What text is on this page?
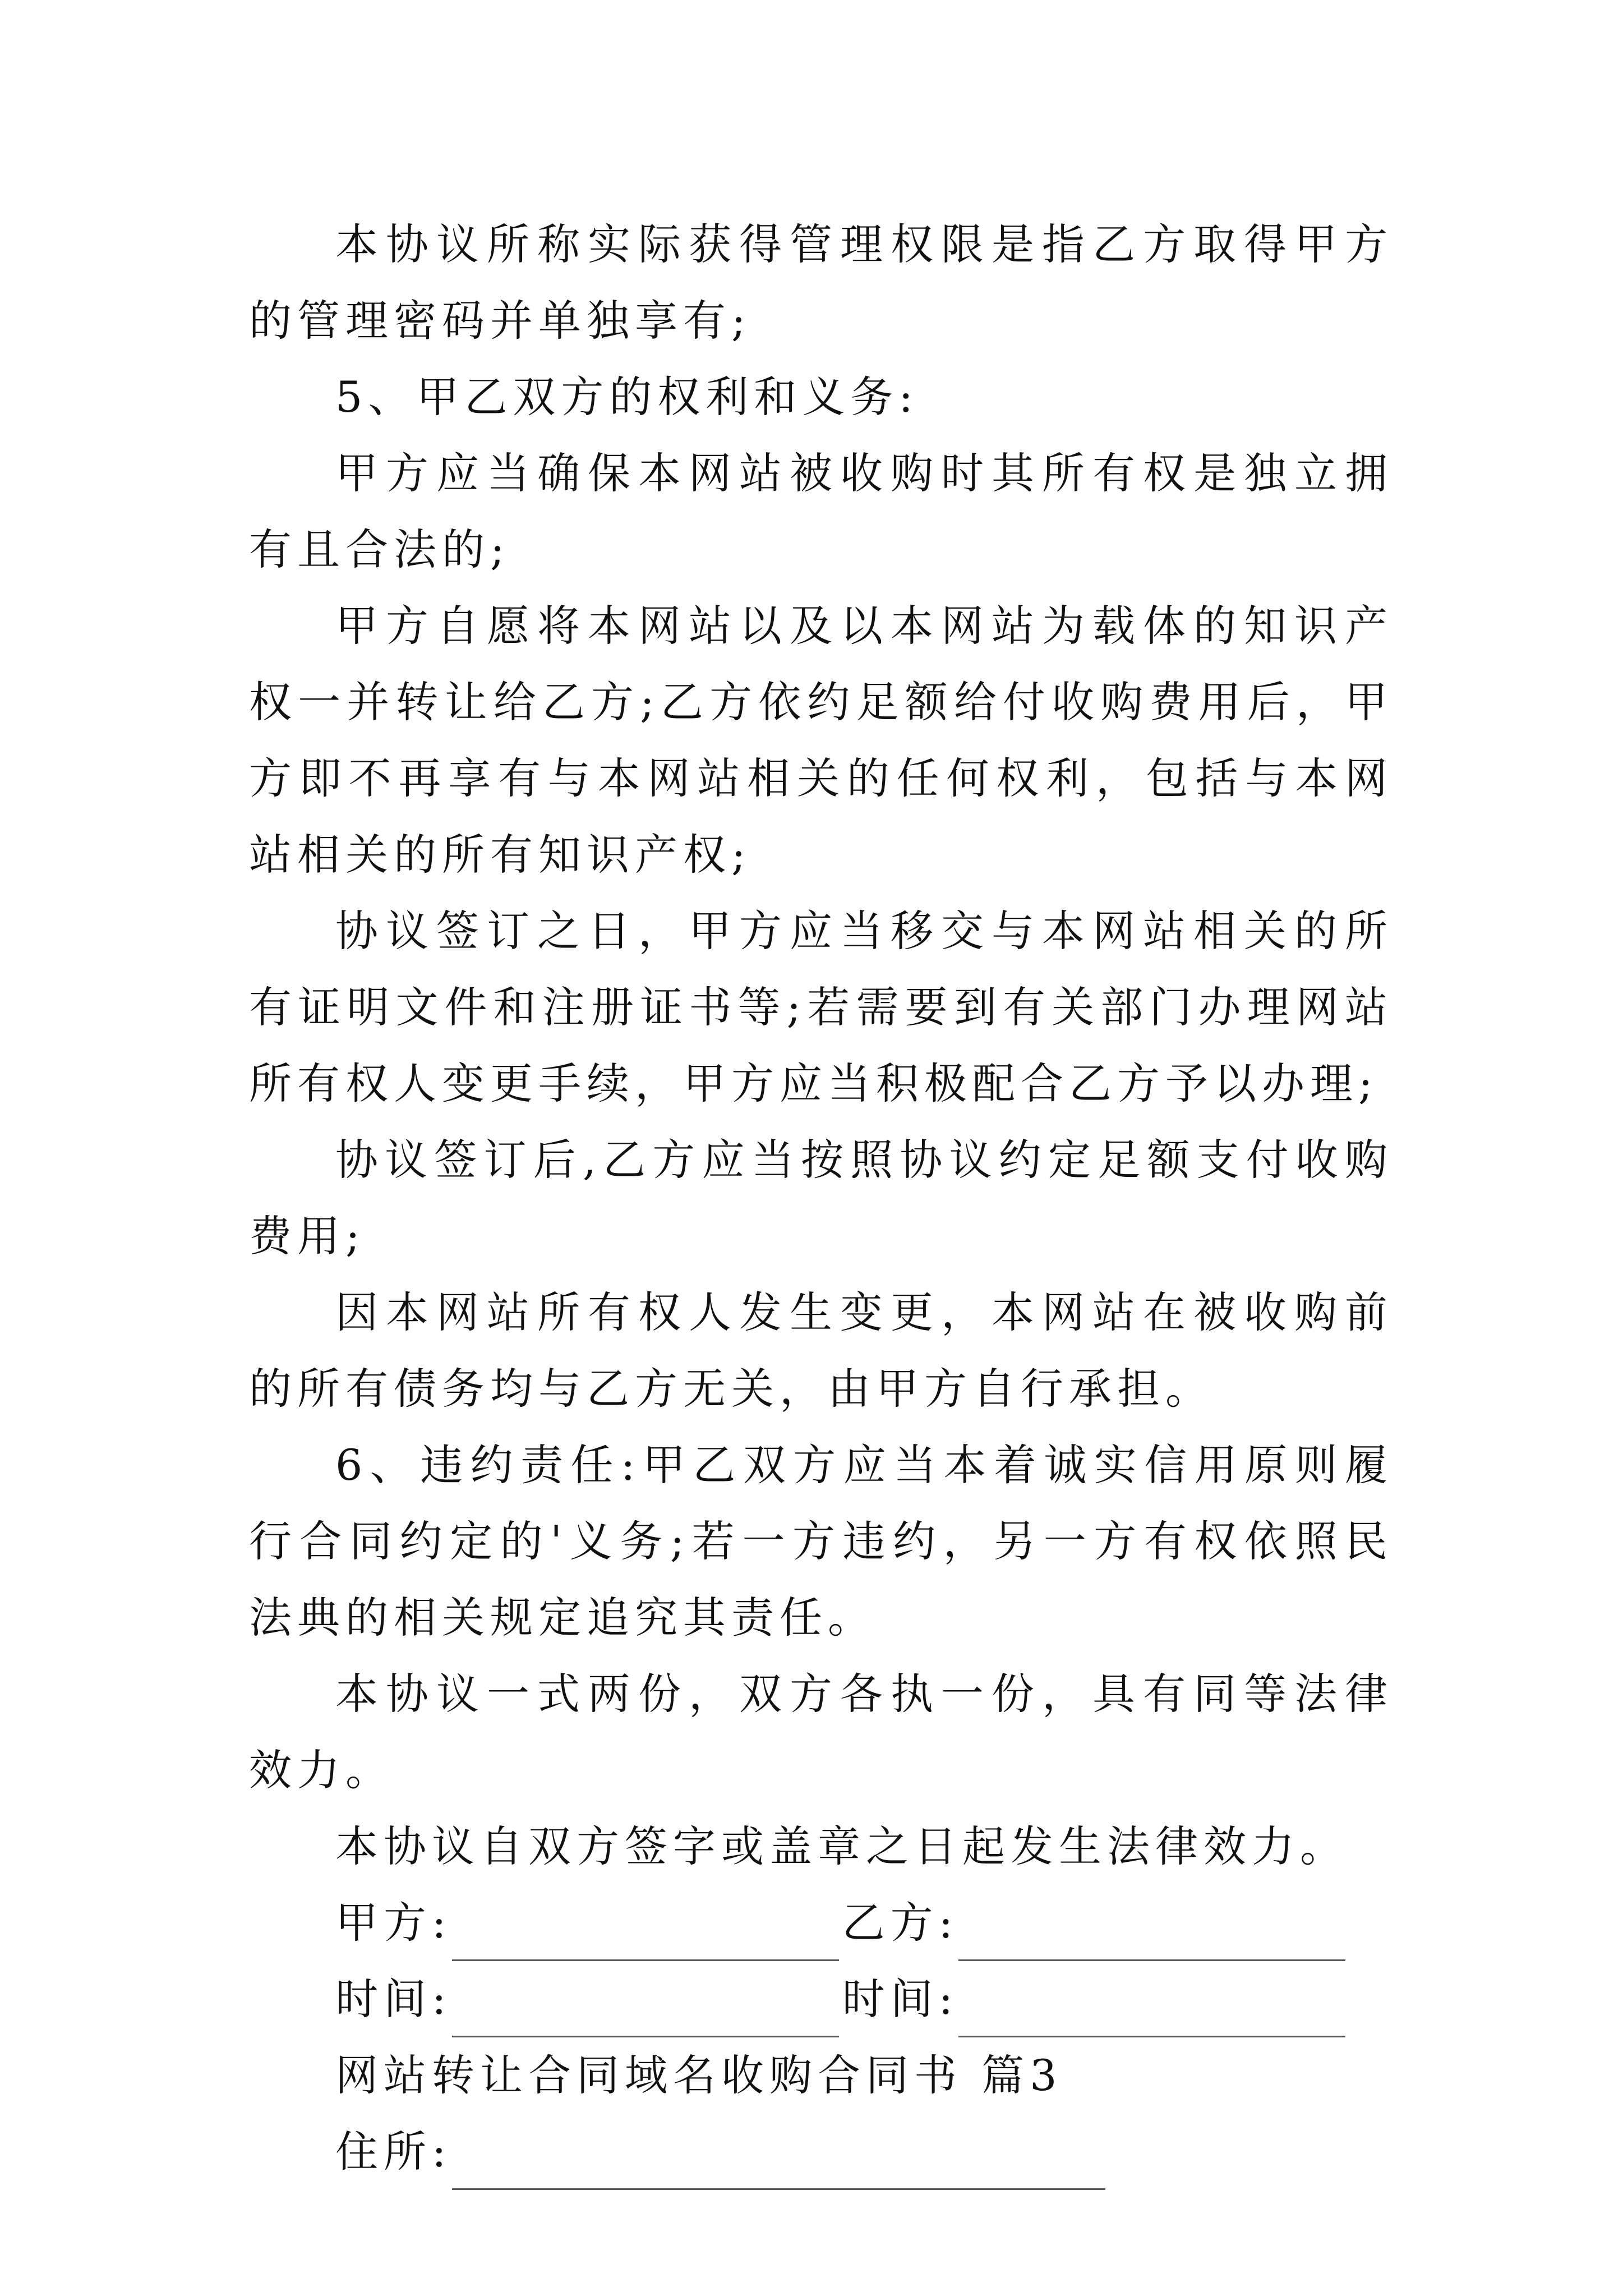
本协议所称实际获得管理权限是指乙方取得甲方的管理密码并单独享有;

5、甲乙双方的权利和义务:

甲方应当确保本网站被收购时其所有权是独立拥有且合法的;

甲方自愿将本网站以及以本网站为载体的知识产权一并转让给乙方;乙方依约足额给付收购费用后，甲方即不再享有与本网站相关的任何权利，包括与本网站相关的所有知识产权;

协议签订之日，甲方应当移交与本网站相关的所有证明文件和注册证书等;若需要到有关部门办理网站所有权人变更手续，甲方应当积极配合乙方予以办理;

协议签订后,乙方应当按照协议约定足额支付收购费用;

因本网站所有权人发生变更，本网站在被收购前的所有债务均与乙方无关，由甲方自行承担。

6、违约责任:甲乙双方应当本着诚实信用原则履行合同约定的'义务;若一方违约，另一方有权依照民法典的相关规定追究其责任。

本协议一式两份，双方各执一份，具有同等法律效力。

本协议自双方签字或盖章之日起发生法律效力。

甲方:	乙方:
时间:	时间:
网站转让合同域名收购合同书 篇3
住所:
